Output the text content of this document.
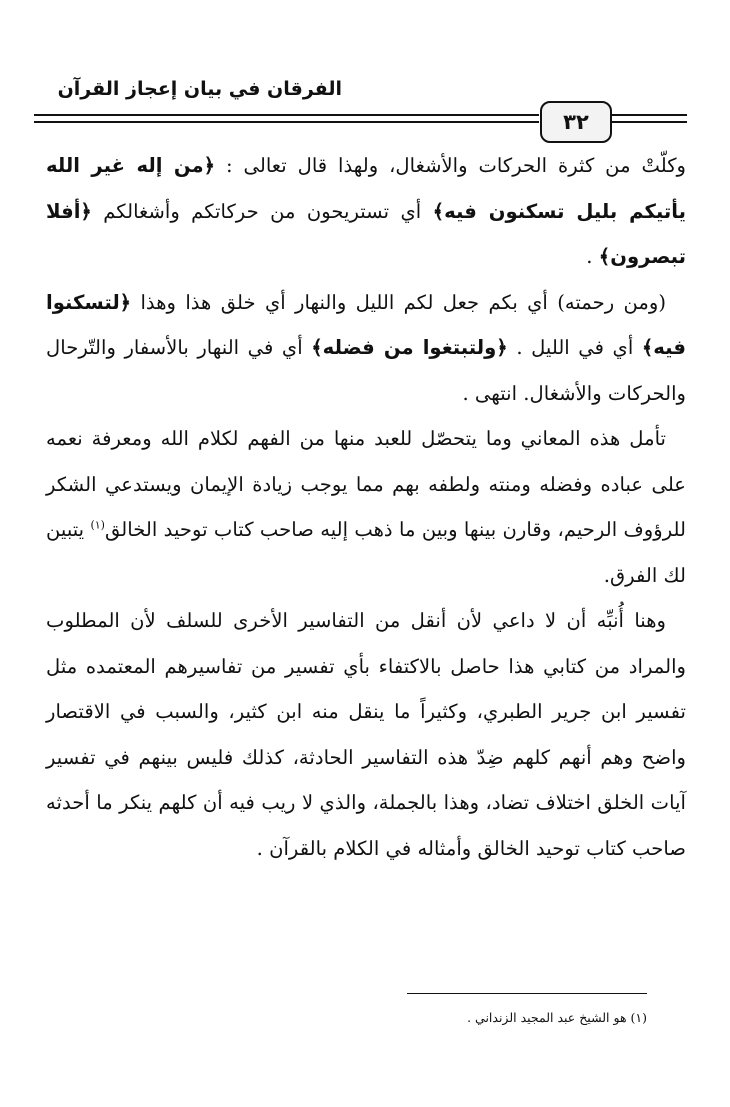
الفرقان في بيان إعجاز القرآن
٣٢

وكلّتْ من كثرة الحركات والأشغال، ولهذا قال تعالى : ﴿من إله غير الله يأتيكم بليل تسكنون فيه﴾ أي تستريحون من حركاتكم وأشغالكم ﴿أفلا تبصرون﴾ .

(ومن رحمته) أي بكم جعل لكم الليل والنهار أي خلق هذا وهذا ﴿لتسكنوا فيه﴾ أي في الليل . ﴿ولتبتغوا من فضله﴾ أي في النهار بالأسفار والتّرحال والحركات والأشغال. انتهى .

تأمل هذه المعاني وما يتحصّل للعبد منها من الفهم لكلام الله ومعرفة نعمه على عباده وفضله ومنته ولطفه بهم مما يوجب زيادة الإيمان ويستدعي الشكر للرؤوف الرحيم، وقارن بينها وبين ما ذهب إليه صاحب كتاب توحيد الخالق$^{(١)}$ يتبين لك الفرق.

وهنا أُنبِّه أن لا داعي لأن أنقل من التفاسير الأخرى للسلف لأن المطلوب والمراد من كتابي هذا حاصل بالاكتفاء بأي تفسير من تفاسيرهم المعتمده مثل تفسير ابن جرير الطبري، وكثيراً ما ينقل منه ابن كثير، والسبب في الاقتصار واضح وهم أنهم كلهم ضِدّ هذه التفاسير الحادثة، كذلك فليس بينهم في تفسير آيات الخلق اختلاف تضاد، وهذا بالجملة، والذي لا ريب فيه أن كلهم ينكر ما أحدثه صاحب كتاب توحيد الخالق وأمثاله في الكلام بالقرآن .

(١) هو الشيخ عبد المجيد الزنداني .
